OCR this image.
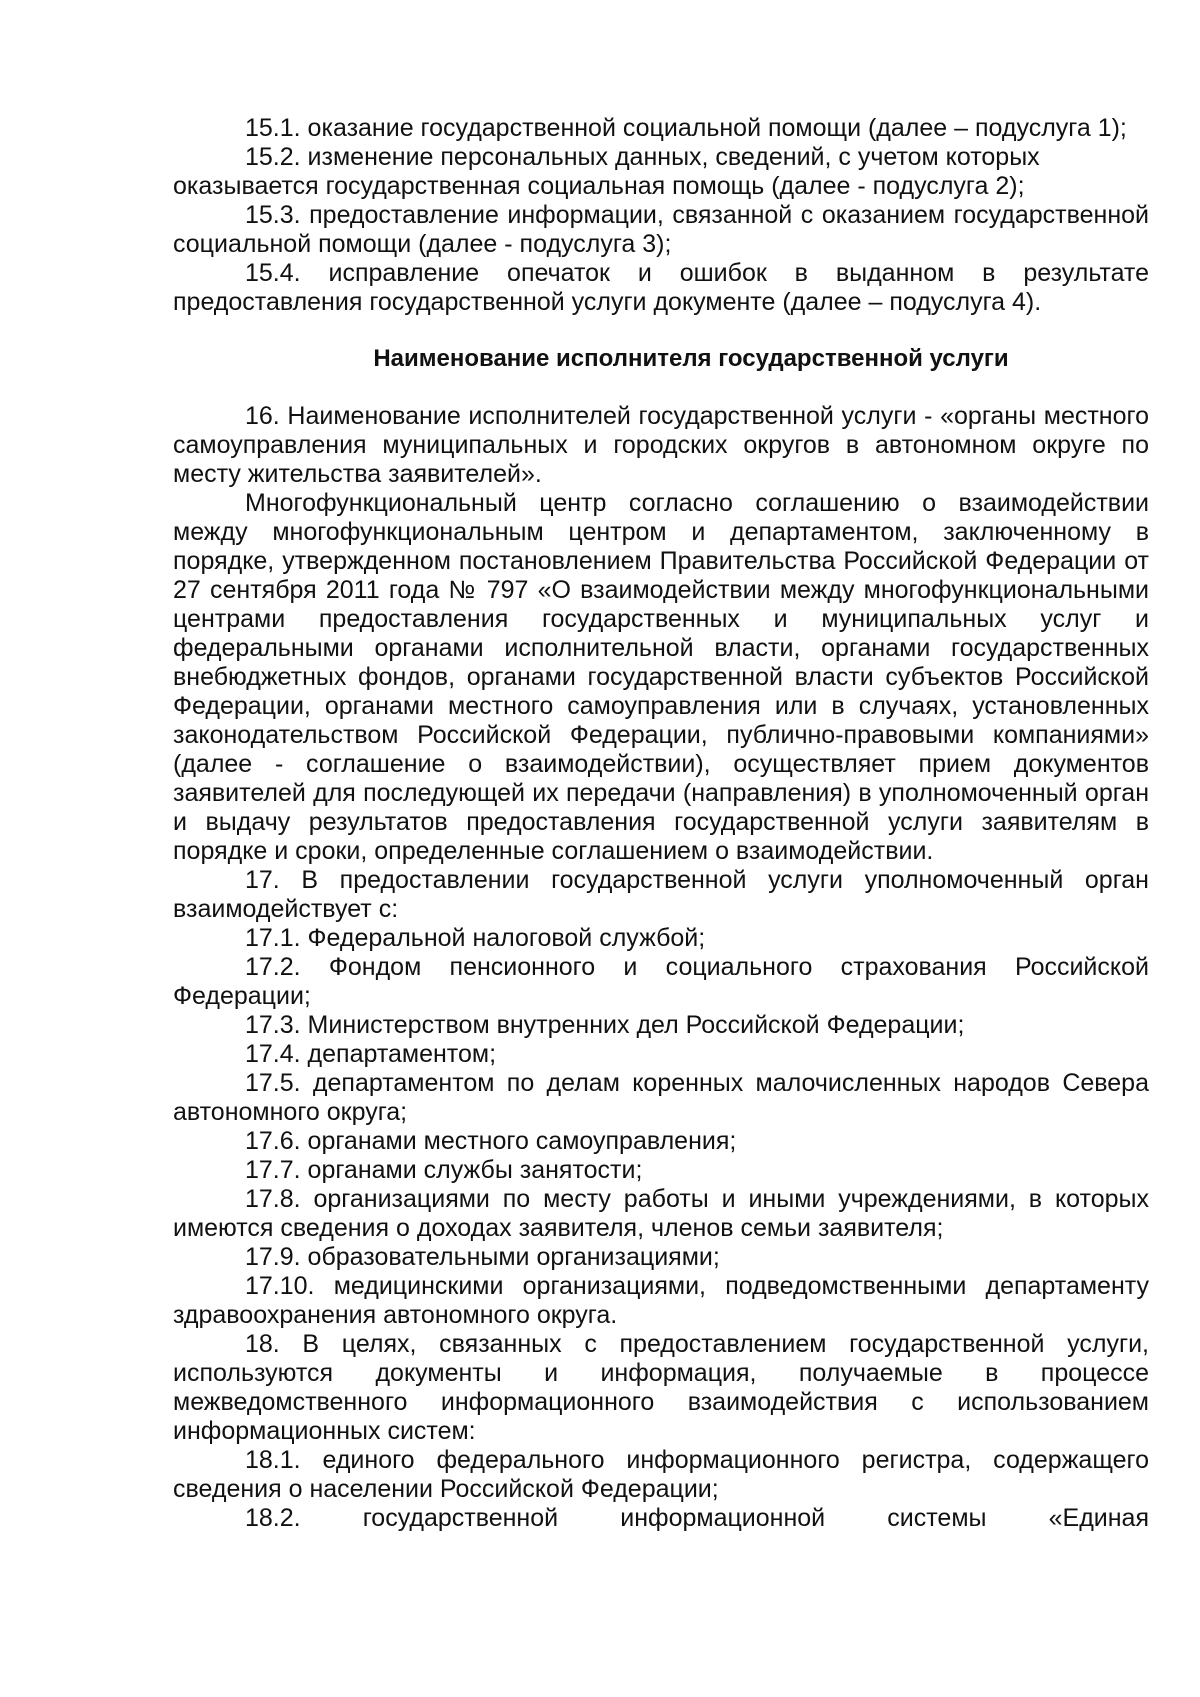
15.1. оказание государственной социальной помощи (далее – подуслуга 1);

15.2. изменение персональных данных, сведений, с учетом которых оказывается государственная социальная помощь (далее - подуслуга 2);

15.3. предоставление информации, связанной с оказанием государственной социальной помощи (далее - подуслуга 3);

15.4. исправление опечаток и ошибок в выданном в результате предоставления государственной услуги документе (далее – подуслуга 4).

Наименование исполнителя государственной услуги

16. Наименование исполнителей государственной услуги - «органы местного самоуправления муниципальных и городских округов в автономном округе по месту жительства заявителей».

Многофункциональный центр согласно соглашению о взаимодействии между многофункциональным центром и департаментом, заключенному в порядке, утвержденном постановлением Правительства Российской Федерации от 27 сентября 2011 года № 797 «О взаимодействии между многофункциональными центрами предоставления государственных и муниципальных услуг и федеральными органами исполнительной власти, органами государственных внебюджетных фондов, органами государственной власти субъектов Российской Федерации, органами местного самоуправления или в случаях, установленных законодательством Российской Федерации, публично-правовыми компаниями» (далее - соглашение о взаимодействии), осуществляет прием документов заявителей для последующей их передачи (направления) в уполномоченный орган и выдачу результатов предоставления государственной услуги заявителям в порядке и сроки, определенные соглашением о взаимодействии.

17. В предоставлении государственной услуги уполномоченный орган взаимодействует с:

17.1. Федеральной налоговой службой;

17.2. Фондом пенсионного и социального страхования Российской Федерации;

17.3. Министерством внутренних дел Российской Федерации;

17.4. департаментом;

17.5. департаментом по делам коренных малочисленных народов Севера автономного округа;

17.6. органами местного самоуправления;

17.7. органами службы занятости;

17.8. организациями по месту работы и иными учреждениями, в которых имеются сведения о доходах заявителя, членов семьи заявителя;

17.9. образовательными организациями;

17.10. медицинскими организациями, подведомственными департаменту здравоохранения автономного округа.

18. В целях, связанных с предоставлением государственной услуги, используются документы и информация, получаемые в процессе межведомственного информационного взаимодействия с использованием информационных систем:

18.1. единого федерального информационного регистра, содержащего сведения о населении Российской Федерации;

18.2. государственной информационной системы «Единая
